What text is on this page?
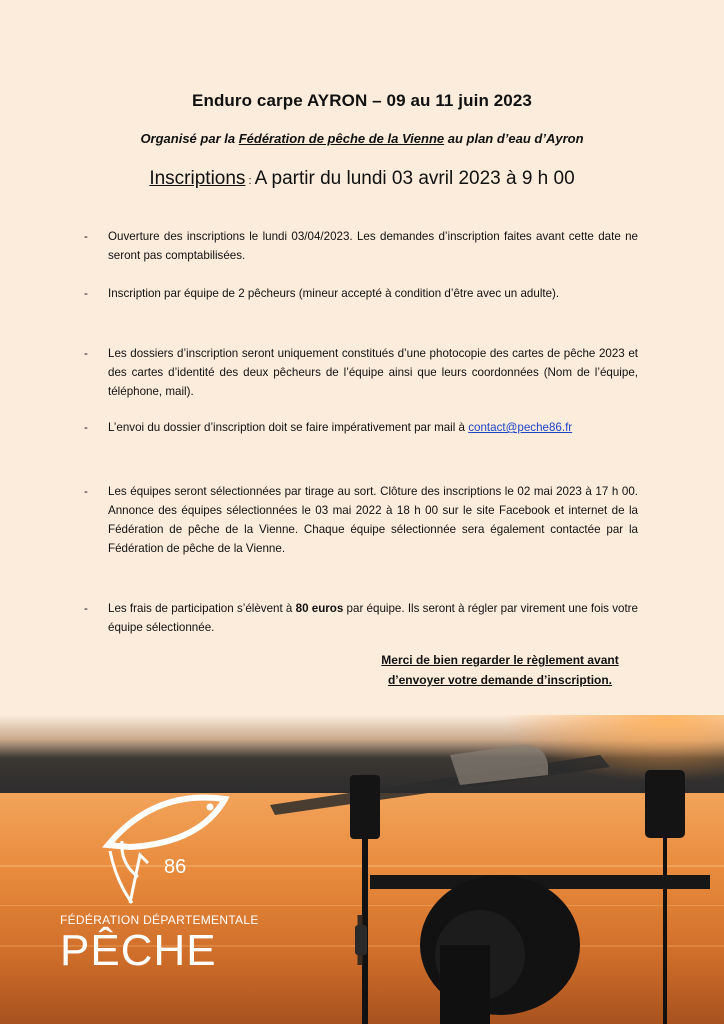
Enduro carpe AYRON – 09 au 11 juin 2023
Organisé par la Fédération de pêche de la Vienne au plan d’eau d’Ayron
Inscriptions : A partir du lundi 03 avril 2023 à 9 h 00
- Ouverture des inscriptions le lundi 03/04/2023. Les demandes d’inscription faites avant cette date ne seront pas comptabilisées.
- Inscription par équipe de 2 pêcheurs (mineur accepté à condition d’être avec un adulte).
- Les dossiers d’inscription seront uniquement constitués d’une photocopie des cartes de pêche 2023 et des cartes d’identité des deux pêcheurs de l’équipe ainsi que leurs coordonnées (Nom de l’équipe, téléphone, mail).
- L’envoi du dossier d’inscription doit se faire impérativement par mail à contact@peche86.fr
- Les équipes seront sélectionnées par tirage au sort. Clôture des inscriptions le 02 mai 2023 à 17 h 00. Annonce des équipes sélectionnées le 03 mai 2022 à 18 h 00 sur le site Facebook et internet de la Fédération de pêche de la Vienne. Chaque équipe sélectionnée sera également contactée par la Fédération de pêche de la Vienne.
- Les frais de participation s’élèvent à 80 euros par équipe. Ils seront à régler par virement une fois votre équipe sélectionnée.
Merci de bien regarder le règlement avant
d’envoyer votre demande d’inscription.
86
FÉDÉRATION DÉPARTEMENTALE
PÊCHE
